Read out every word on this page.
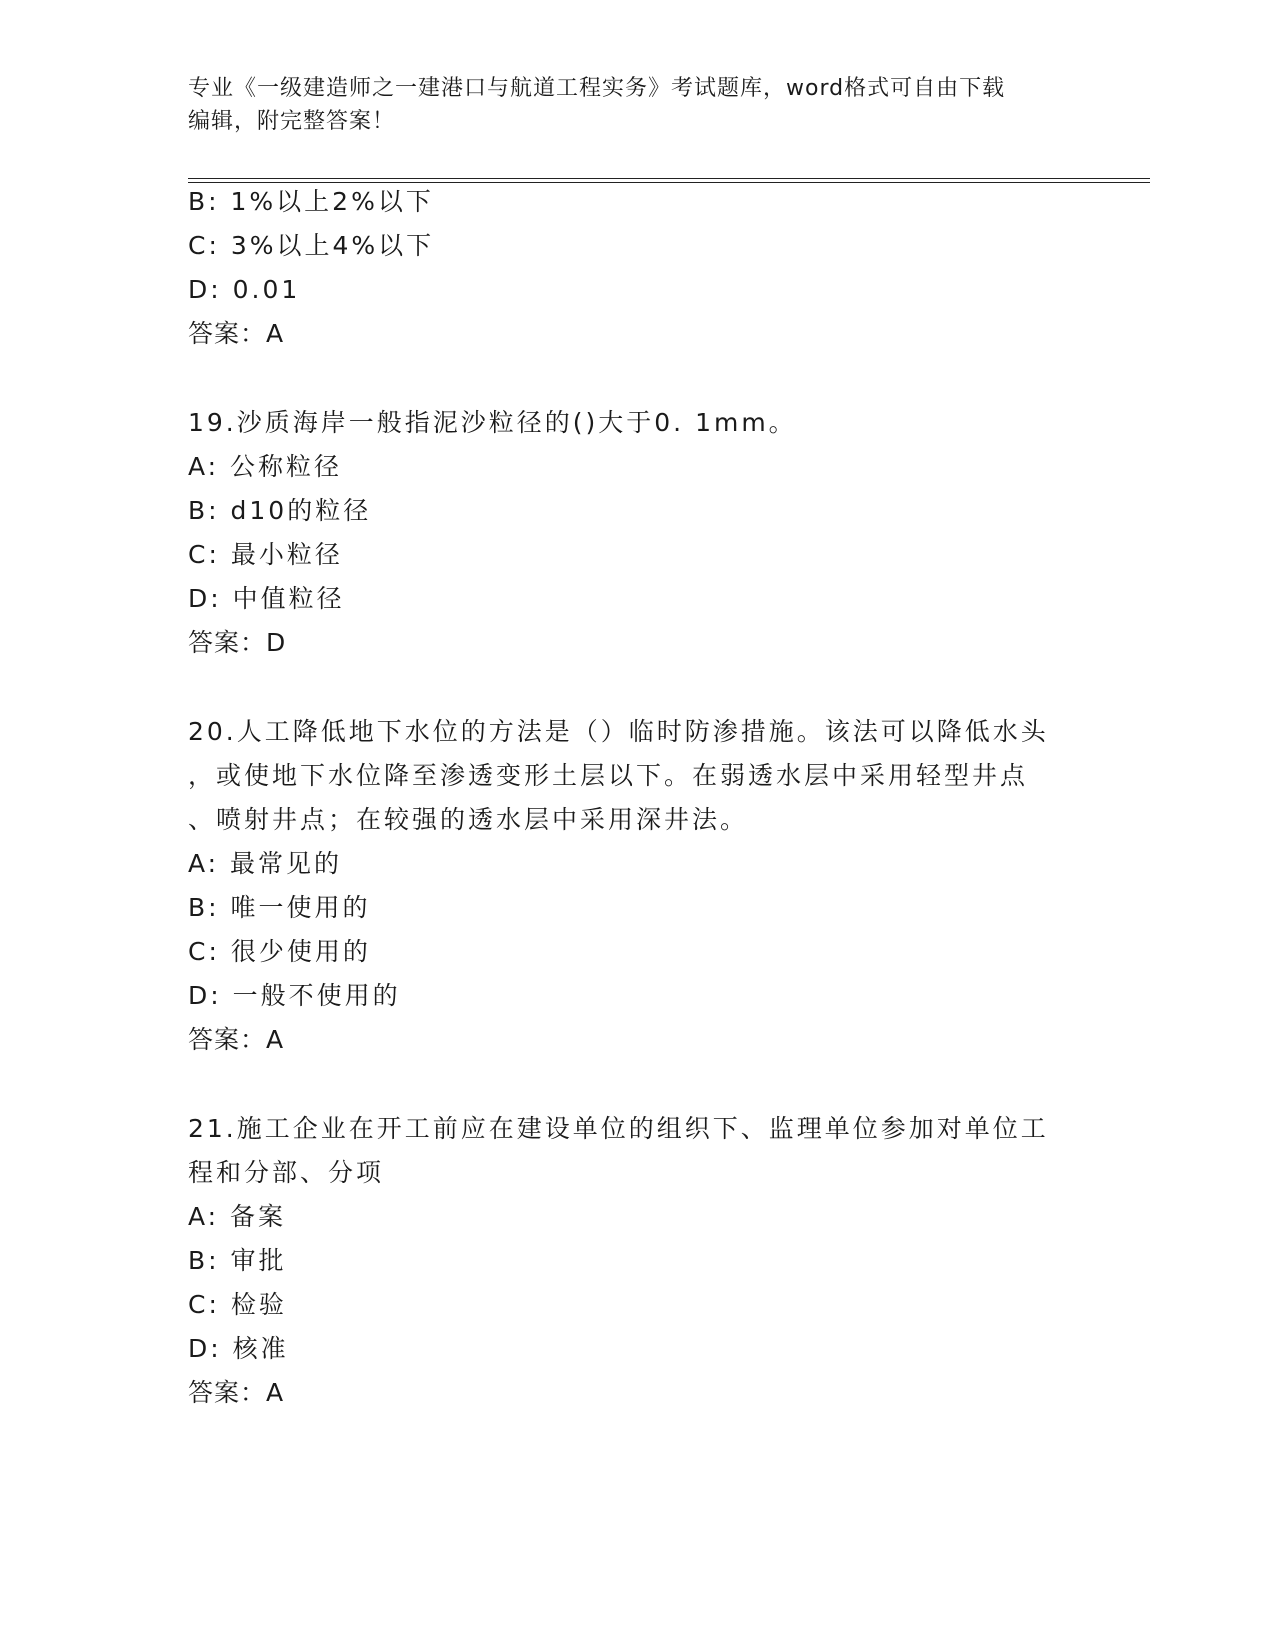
专业《一级建造师之一建港口与航道工程实务》考试题库，word格式可自由下载
编辑，附完整答案！
B: 1%以上2%以下
C: 3%以上4%以下
D: 0.01
答案：A
19.沙质海岸一般指泥沙粒径的()大于0. 1mm。
A: 公称粒径
B: d10的粒径
C: 最小粒径
D: 中值粒径
答案：D
20.人工降低地下水位的方法是（）临时防渗措施。该法可以降低水头
，或使地下水位降至渗透变形土层以下。在弱透水层中采用轻型井点
、喷射井点；在较强的透水层中采用深井法。
A: 最常见的
B: 唯一使用的
C: 很少使用的
D: 一般不使用的
答案：A
21.施工企业在开工前应在建设单位的组织下、监理单位参加对单位工
程和分部、分项
A: 备案
B: 审批
C: 检验
D: 核准
答案：A
